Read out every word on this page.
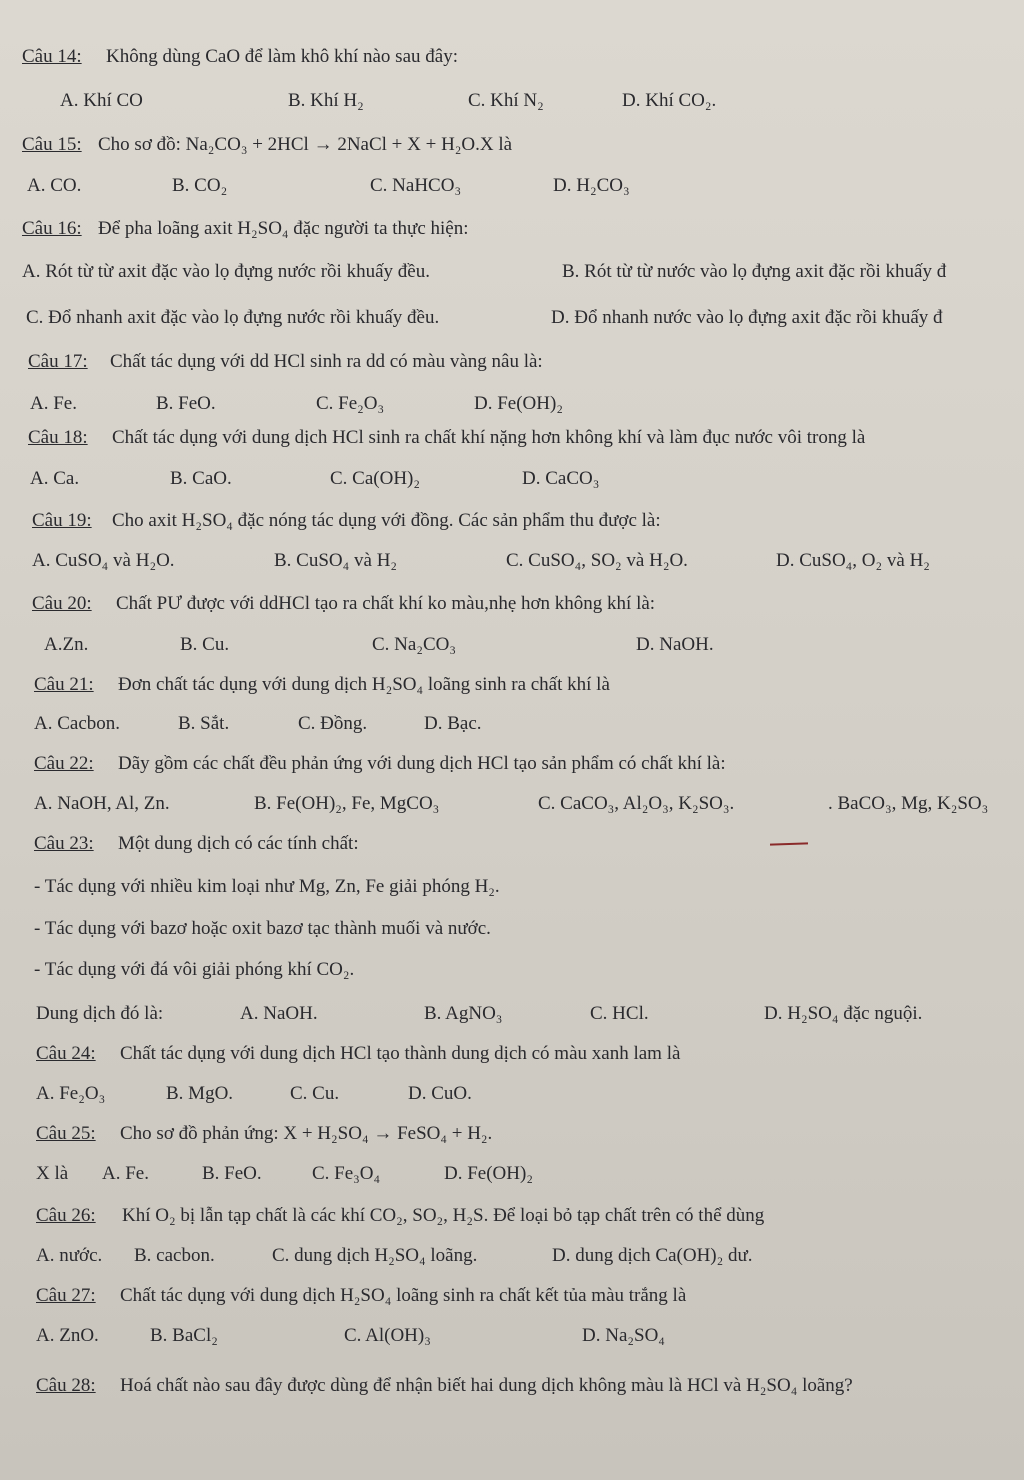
Câu 14: Không dùng CaO để làm khô khí nào sau đây:
A. Khí CO	B. Khí H₂	C. Khí N₂	D. Khí CO₂.
Câu 15: Cho sơ đồ: Na₂CO₃ + 2HCl → 2NaCl + X + H₂O.X là
A. CO.	B. CO₂	C. NaHCO₃	D. H₂CO₃
Câu 16: Để pha loãng axit H₂SO₄ đặc người ta thực hiện:
A. Rót từ từ axit đặc vào lọ đựng nước rồi khuấy đều.	B. Rót từ từ nước vào lọ đựng axit đặc rồi khuấy đ
C. Đổ nhanh axit đặc vào lọ đựng nước rồi khuấy đều.	D. Đổ nhanh nước vào lọ đựng axit đặc rồi khuấy đ
Câu 17: Chất tác dụng với dd HCl sinh ra dd có màu vàng nâu là:
A. Fe.	B. FeO.	C. Fe₂O₃	D. Fe(OH)₂
Câu 18: Chất tác dụng với dung dịch HCl sinh ra chất khí nặng hơn không khí và làm đục nước vôi trong là
A. Ca.	B. CaO.	C. Ca(OH)₂	D. CaCO₃
Câu 19: Cho axit H₂SO₄ đặc nóng tác dụng với đồng. Các sản phẩm thu được là:
A. CuSO₄ và H₂O.	B. CuSO₄ và H₂	C. CuSO₄, SO₂ và H₂O.	D. CuSO₄, O₂ và H₂
Câu 20: Chất PƯ được với ddHCl tạo ra chất khí ko màu,nhẹ hơn không khí là:
A.Zn.	B. Cu.	C. Na₂CO₃	D. NaOH.
Câu 21: Đơn chất tác dụng với dung dịch H₂SO₄ loãng sinh ra chất khí là
A. Cacbon.	B. Sắt.	C. Đồng.	D. Bạc.
Câu 22: Dãy gồm các chất đều phản ứng với dung dịch HCl tạo sản phẩm có chất khí là:
A. NaOH, Al, Zn.	B. Fe(OH)₂, Fe, MgCO₃	C. CaCO₃, Al₂O₃, K₂SO₃.	. BaCO₃, Mg, K₂SO₃
Câu 23: Một dung dịch có các tính chất:
- Tác dụng với nhiều kim loại như Mg, Zn, Fe giải phóng H₂.
- Tác dụng với bazơ hoặc oxit bazơ tạc thành muối và nước.
- Tác dụng với đá vôi giải phóng khí CO₂.
Dung dịch đó là:	A. NaOH.	B. AgNO₃	C. HCl.	D. H₂SO₄ đặc nguội.
Câu 24: Chất tác dụng với dung dịch HCl tạo thành dung dịch có màu xanh lam là
A. Fe₂O₃	B. MgO.	C. Cu.	D. CuO.
Câu 25: Cho sơ đồ phản ứng: X + H₂SO₄ → FeSO₄ + H₂.
X là A. Fe.	B. FeO.	C. Fe₃O₄	D. Fe(OH)₂
Câu 26: Khí O₂ bị lẫn tạp chất là các khí CO₂, SO₂, H₂S. Để loại bỏ tạp chất trên có thể dùng
A. nước. B. cacbon.	C. dung dịch H₂SO₄ loãng.	D. dung dịch Ca(OH)₂ dư.
Câu 27: Chất tác dụng với dung dịch H₂SO₄ loãng sinh ra chất kết tủa màu trắng là
A. ZnO.	B. BaCl₂	C. Al(OH)₃	D. Na₂SO₄
Câu 28: Hoá chất nào sau đây được dùng để nhận biết hai dung dịch không màu là HCl và H₂SO₄ loãng?
